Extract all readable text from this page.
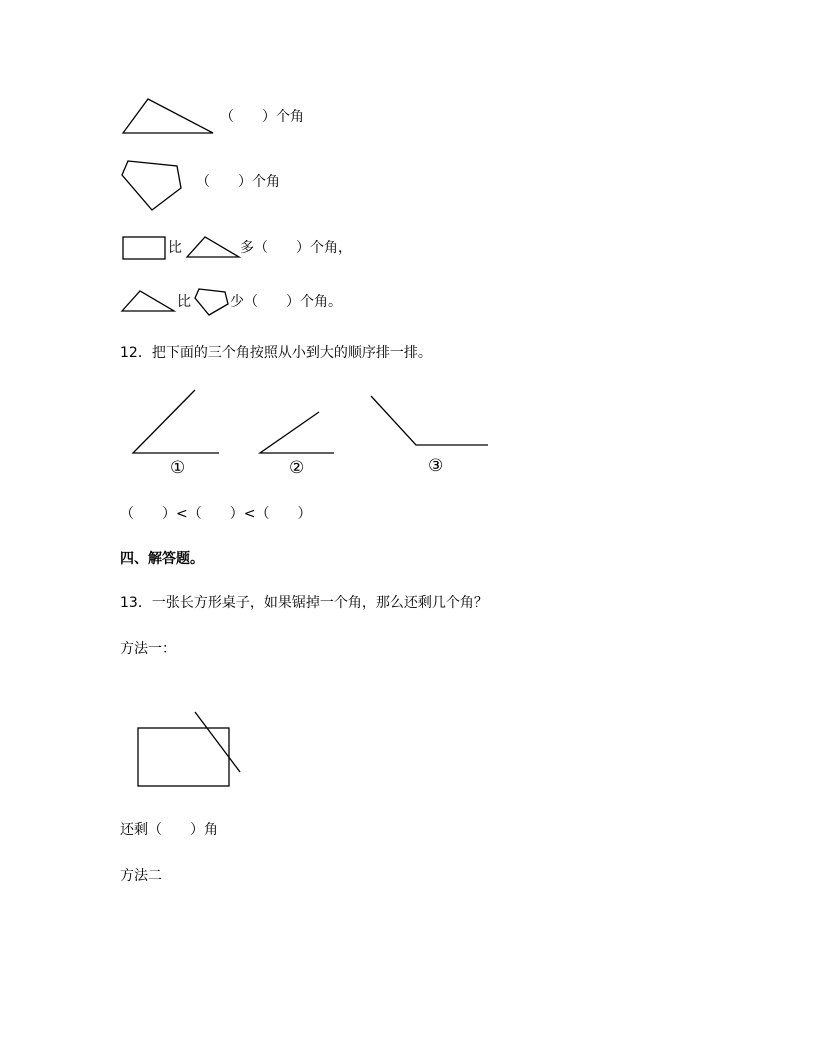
（　　）个角
（　　）个角
比	多（　　）个角，
比	少（　　）个角。
12．把下面的三个角按照从小到大的顺序排一排。
①	②	③
（　　）<（　　）<（　　）
四、解答题。
13．一张长方形桌子，如果锯掉一个角，那么还剩几个角？
方法一：
还剩（　　）角
方法二
